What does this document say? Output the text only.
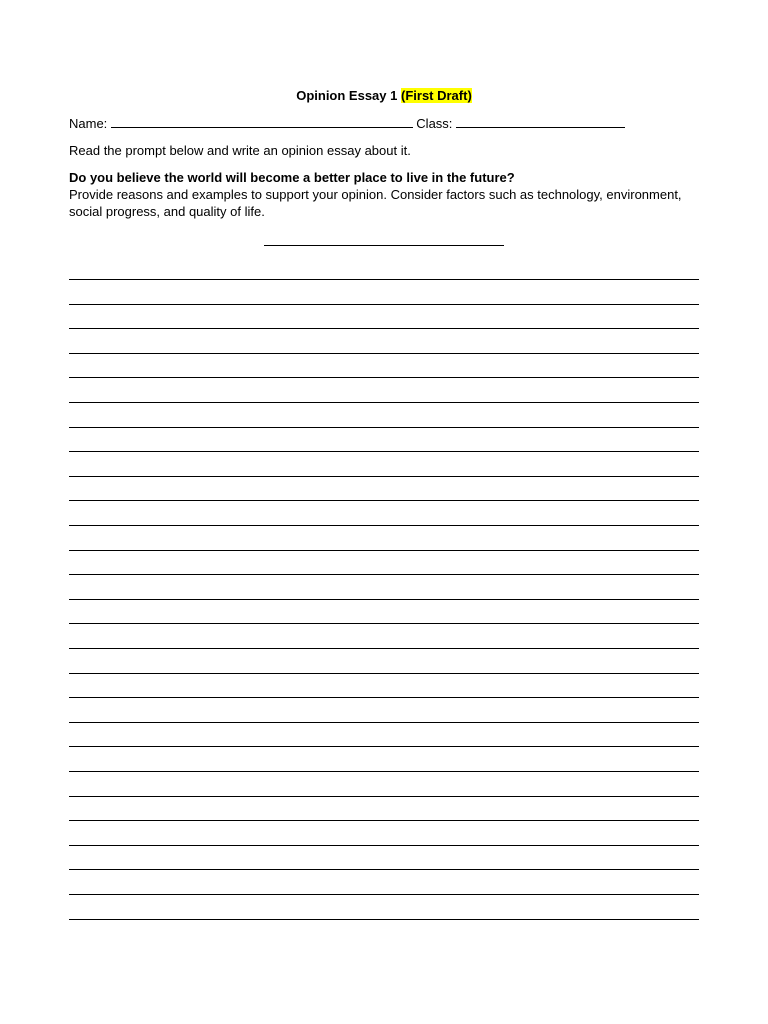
Opinion Essay 1 (First Draft)

Name:	Class:

Read the prompt below and write an opinion essay about it.

Do you believe the world will become a better place to live in the future?

Provide reasons and examples to support your opinion. Consider factors such as technology, environment, social progress, and quality of life.
